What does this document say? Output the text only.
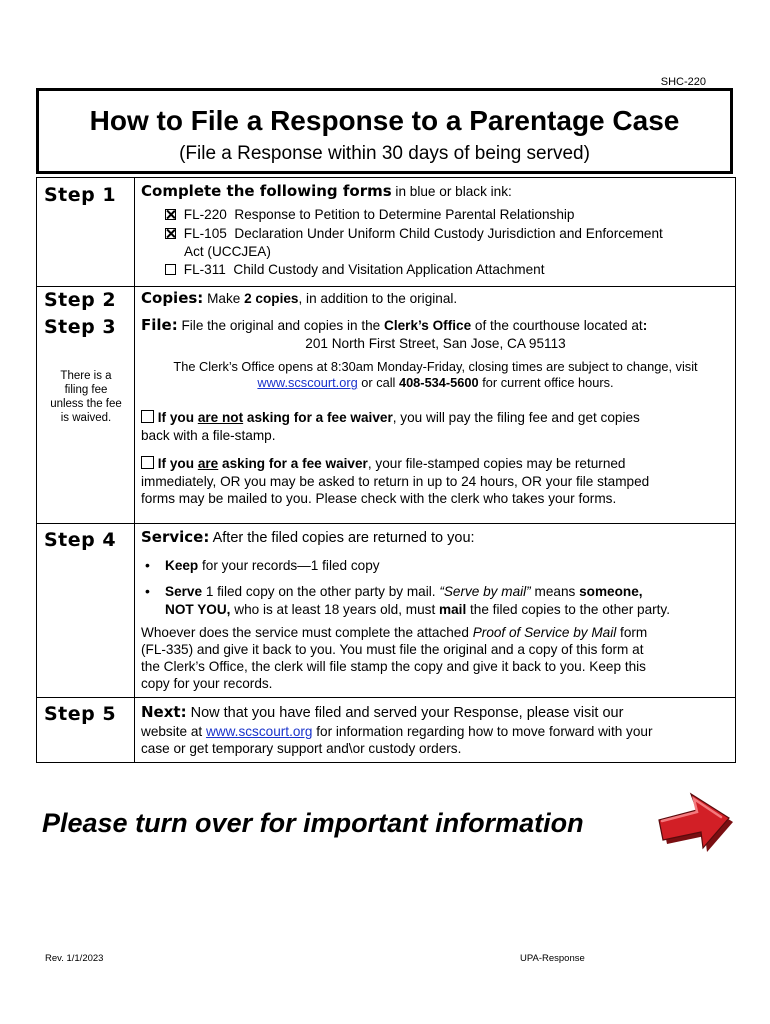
SHC-220
How to File a Response to a Parentage Case
(File a Response within 30 days of being served)
Step 1 Complete the following forms in blue or black ink:
FL-220 Response to Petition to Determine Parental Relationship
FL-105 Declaration Under Uniform Child Custody Jurisdiction and Enforcement
Act (UCCJEA)
FL-311 Child Custody and Visitation Application Attachment
Step 2 Copies: Make 2 copies, in addition to the original.
Step 3
There is a
filing fee
unless the fee
is waived.
File: File the original and copies in the Clerk’s Office of the courthouse located at:
201 North First Street, San Jose, CA 95113
The Clerk’s Office opens at 8:30am Monday-Friday, closing times are subject to change, visit
www.scscourt.org or call 408-534-5600 for current office hours.
If you are not asking for a fee waiver, you will pay the filing fee and get copies
back with a file-stamp.
If you are asking for a fee waiver, your file-stamped copies may be returned
immediately, OR you may be asked to return in up to 24 hours, OR your file stamped
forms may be mailed to you. Please check with the clerk who takes your forms.
Step 4 Service: After the filed copies are returned to you:
• Keep for your records—1 filed copy
• Serve 1 filed copy on the other party by mail. “Serve by mail” means someone,
NOT YOU, who is at least 18 years old, must mail the filed copies to the other party.
Whoever does the service must complete the attached Proof of Service by Mail form
(FL-335) and give it back to you. You must file the original and a copy of this form at
the Clerk’s Office, the clerk will file stamp the copy and give it back to you. Keep this
copy for your records.
Step 5 Next: Now that you have filed and served your Response, please visit our
website at www.scscourt.org for information regarding how to move forward with your
case or get temporary support and\or custody orders.
Please turn over for important information
Rev. 1/1/2023	UPA-Response
